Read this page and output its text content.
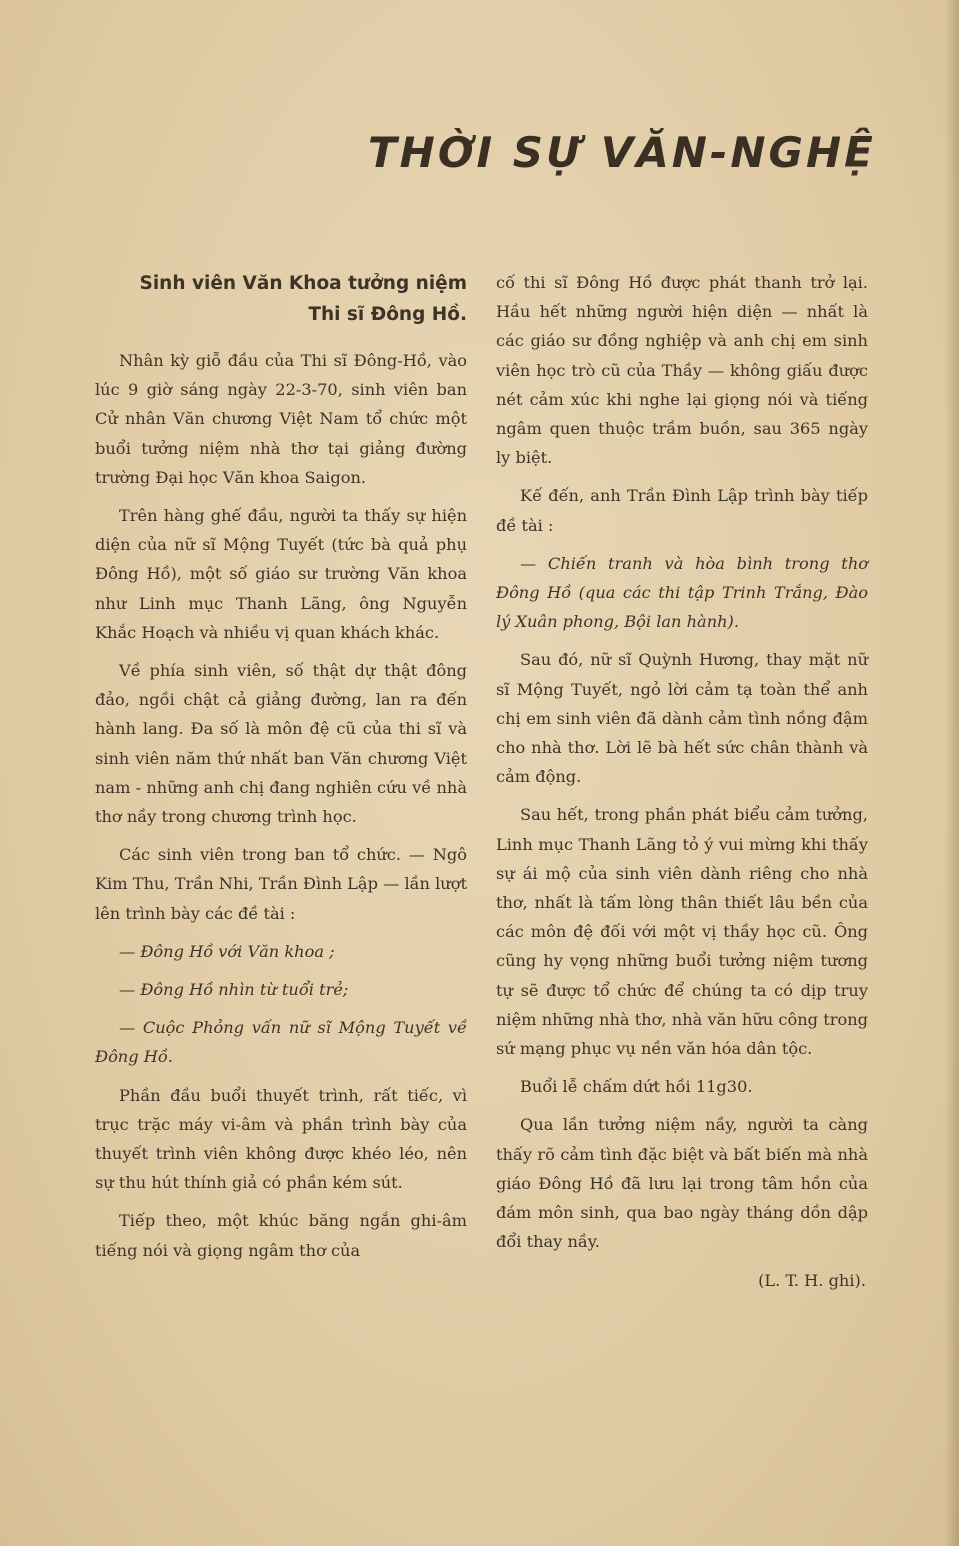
THỜI SỰ VĂN-NGHỆ
Sinh viên Văn Khoa tưởng niệm Thi sĩ Đông Hồ.

Nhân kỳ giỗ đầu của Thi sĩ Đông-Hồ, vào lúc 9 giờ sáng ngày 22-3-70, sinh viên ban Cử nhân Văn chương Việt Nam tổ chức một buổi tưởng niệm nhà thơ tại giảng đường trường Đại học Văn khoa Saigon.

Trên hàng ghế đầu, người ta thấy sự hiện diện của nữ sĩ Mộng Tuyết (tức bà quả phụ Đông Hồ), một số giáo sư trường Văn khoa như Linh mục Thanh Lãng, ông Nguyễn Khắc Hoạch và nhiều vị quan khách khác.

Về phía sinh viên, số thật dự thật đông đảo, ngồi chật cả giảng đường, lan ra đến hành lang. Đa số là môn đệ cũ của thi sĩ và sinh viên năm thứ nhất ban Văn chương Việt nam - những anh chị đang nghiên cứu về nhà thơ nầy trong chương trình học.

Các sinh viên trong ban tổ chức. — Ngô Kim Thu, Trần Nhi, Trần Đình Lập — lần lượt lên trình bày các đề tài :

— Đông Hồ với Văn khoa ;

— Đông Hồ nhìn từ tuổi trẻ;

— Cuộc Phỏng vấn nữ sĩ Mộng Tuyết về Đông Hồ.

Phần đầu buổi thuyết trình, rất tiếc, vì trục trặc máy vi-âm và phần trình bày của thuyết trình viên không được khéo léo, nên sự thu hút thính giả có phần kém sút.

Tiếp theo, một khúc băng ngắn ghi-âm tiếng nói và giọng ngâm thơ của

cố thi sĩ Đông Hồ được phát thanh trở lại. Hầu hết những người hiện diện — nhất là các giáo sư đồng nghiệp và anh chị em sinh viên học trò cũ của Thầy — không giấu được nét cảm xúc khi nghe lại giọng nói và tiếng ngâm quen thuộc trầm buồn, sau 365 ngày ly biệt.

Kế đến, anh Trần Đình Lập trình bày tiếp đề tài :

— Chiến tranh và hòa bình trong thơ Đông Hồ (qua các thi tập Trinh Trắng, Đào lý Xuân phong, Bội lan hành).

Sau đó, nữ sĩ Quỳnh Hương, thay mặt nữ sĩ Mộng Tuyết, ngỏ lời cảm tạ toàn thể anh chị em sinh viên đã dành cảm tình nồng đậm cho nhà thơ. Lời lẽ bà hết sức chân thành và cảm động.

Sau hết, trong phần phát biểu cảm tưởng, Linh mục Thanh Lãng tỏ ý vui mừng khi thấy sự ái mộ của sinh viên dành riêng cho nhà thơ, nhất là tấm lòng thân thiết lâu bền của các môn đệ đối với một vị thầy học cũ. Ông cũng hy vọng những buổi tưởng niệm tương tự sẽ được tổ chức để chúng ta có dịp truy niệm những nhà thơ, nhà văn hữu công trong sứ mạng phục vụ nền văn hóa dân tộc.

Buổi lễ chấm dứt hồi 11g30.

Qua lần tưởng niệm nầy, người ta càng thấy rõ cảm tình đặc biệt và bất biến mà nhà giáo Đông Hồ đã lưu lại trong tâm hồn của đám môn sinh, qua bao ngày tháng dồn dập đổi thay nầy.

(L. T. H. ghi).
